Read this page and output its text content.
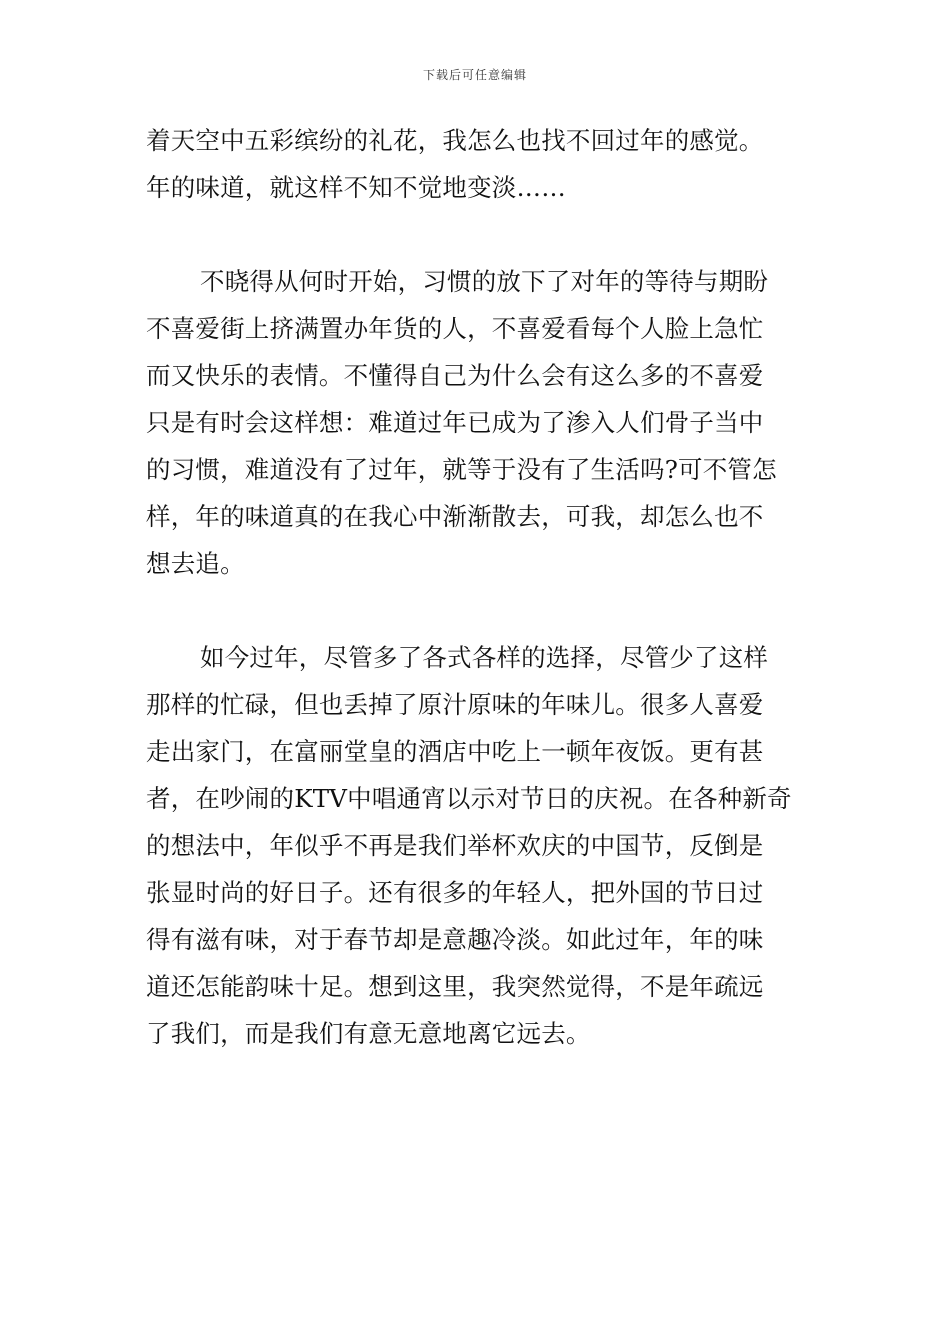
下载后可任意编辑
着天空中五彩缤纷的礼花，我怎么也找不回过年的感觉。
年的味道，就这样不知不觉地变淡……
不晓得从何时开始，习惯的放下了对年的等待与期盼
不喜爱街上挤满置办年货的人，不喜爱看每个人脸上急忙
而又快乐的表情。不懂得自己为什么会有这么多的不喜爱
只是有时会这样想：难道过年已成为了渗入人们骨子当中
的习惯，难道没有了过年，就等于没有了生活吗?可不管怎
样，年的味道真的在我心中渐渐散去，可我，却怎么也不
想去追。
如今过年，尽管多了各式各样的选择，尽管少了这样
那样的忙碌，但也丢掉了原汁原味的年味儿。很多人喜爱
走出家门，在富丽堂皇的酒店中吃上一顿年夜饭。更有甚
者，在吵闹的KTV中唱通宵以示对节日的庆祝。在各种新奇
的想法中，年似乎不再是我们举杯欢庆的中国节，反倒是
张显时尚的好日子。还有很多的年轻人，把外国的节日过
得有滋有味，对于春节却是意趣冷淡。如此过年，年的味
道还怎能韵味十足。想到这里，我突然觉得，不是年疏远
了我们，而是我们有意无意地离它远去。
